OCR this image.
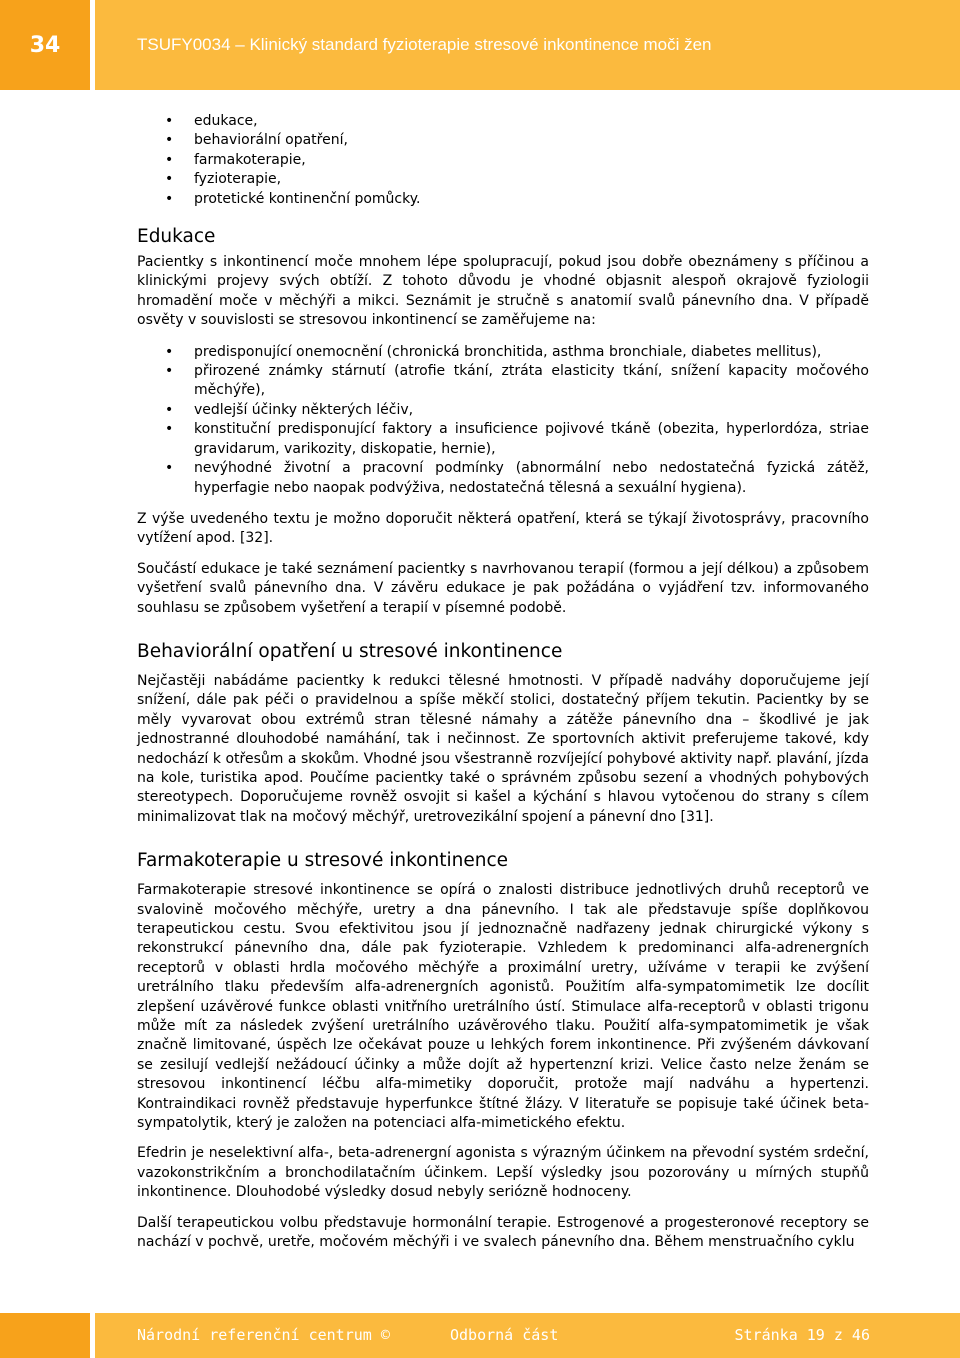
34	TSUFY0034 – Klinický standard fyzioterapie stresové inkontinence moči žen
• edukace,
• behaviorální opatření,
• farmakoterapie,
• fyzioterapie,
• protetické kontinenční pomůcky.
Edukace

Pacientky s inkontinencí moče mnohem lépe spolupracují, pokud jsou dobře obeznámeny s příčinou a klinickými projevy svých obtíží. Z tohoto důvodu je vhodné objasnit alespoň okrajově fyziologii hromadění moče v měchýři a mikci. Seznámit je stručně s anatomií svalů pánevního dna. V případě osvěty v souvislosti se stresovou inkontinencí se zaměřujeme na:

• predisponující onemocnění (chronická bronchitida, asthma bronchiale, diabetes mellitus),
• přirozené známky stárnutí (atrofie tkání, ztráta elasticity tkání, snížení kapacity močového měchýře),
• vedlejší účinky některých léčiv,
• konstituční predisponující faktory a insuficience pojivové tkáně (obezita, hyperlordóza, striae gravidarum, varikozity, diskopatie, hernie),
• nevýhodné životní a pracovní podmínky (abnormální nebo nedostatečná fyzická zátěž, hyperfagie nebo naopak podvýživa, nedostatečná tělesná a sexuální hygiena).

Z výše uvedeného textu je možno doporučit některá opatření, která se týkají životosprávy, pracovního vytížení apod. [32].

Součástí edukace je také seznámení pacientky s navrhovanou terapií (formou a její délkou) a způsobem vyšetření svalů pánevního dna. V závěru edukace je pak požádána o vyjádření tzv. informovaného souhlasu se způsobem vyšetření a terapií v písemné podobě.

Behaviorální opatření u stresové inkontinence

Nejčastěji nabádáme pacientky k redukci tělesné hmotnosti. V případě nadváhy doporučujeme její snížení, dále pak péči o pravidelnou a spíše měkčí stolici, dostatečný příjem tekutin. Pacientky by se měly vyvarovat obou extrémů stran tělesné námahy a zátěže pánevního dna – škodlivé je jak jednostranné dlouhodobé namáhání, tak i nečinnost. Ze sportovních aktivit preferujeme takové, kdy nedochází k otřesům a skokům. Vhodné jsou všestranně rozvíjející pohybové aktivity např. plavání, jízda na kole, turistika apod. Poučíme pacientky také o správném způsobu sezení a vhodných pohybových stereotypech. Doporučujeme rovněž osvojit si kašel a kýchání s hlavou vytočenou do strany s cílem minimalizovat tlak na močový měchýř, uretrovezikální spojení a pánevní dno [31].

Farmakoterapie u stresové inkontinence

Farmakoterapie stresové inkontinence se opírá o znalosti distribuce jednotlivých druhů receptorů ve svalovině močového měchýře, uretry a dna pánevního. I tak ale představuje spíše doplňkovou terapeutickou cestu. Svou efektivitou jsou jí jednoznačně nadřazeny jednak chirurgické výkony s rekonstrukcí pánevního dna, dále pak fyzioterapie. Vzhledem k predominanci alfa-adrenergních receptorů v oblasti hrdla močového měchýře a proximální uretry, užíváme v terapii ke zvýšení uretrálního tlaku především alfa-adrenergních agonistů. Použitím alfa-sympatomimetik lze docílit zlepšení uzávěrové funkce oblasti vnitřního uretrálního ústí. Stimulace alfa-receptorů v oblasti trigonu může mít za následek zvýšení uretrálního uzávěrového tlaku. Použití alfa-sympatomimetik je však značně limitované, úspěch lze očekávat pouze u lehkých forem inkontinence. Při zvýšeném dávkovaní se zesilují vedlejší nežádoucí účinky a může dojít až hypertenzní krizi. Velice často nelze ženám se stresovou inkontinencí léčbu alfa-mimetiky doporučit, protože mají nadváhu a hypertenzi. Kontraindikaci rovněž představuje hyperfunkce štítné žlázy. V literatuře se popisuje také účinek beta-sympatolytik, který je založen na potenciaci alfa-mimetického efektu.

Efedrin je neselektivní alfa-, beta-adrenergní agonista s výrazným účinkem na převodní systém srdeční, vazokonstrikčním a bronchodilatačním účinkem. Lepší výsledky jsou pozorovány u mírných stupňů inkontinence. Dlouhodobé výsledky dosud nebyly seriózně hodnoceny.

Další terapeutickou volbu představuje hormonální terapie. Estrogenové a progesteronové receptory se nachází v pochvě, uretře, močovém měchýři i ve svalech pánevního dna. Během menstruačního cyklu

Národní referenční centrum ©	Odborná část	Stránka 19 z 46
